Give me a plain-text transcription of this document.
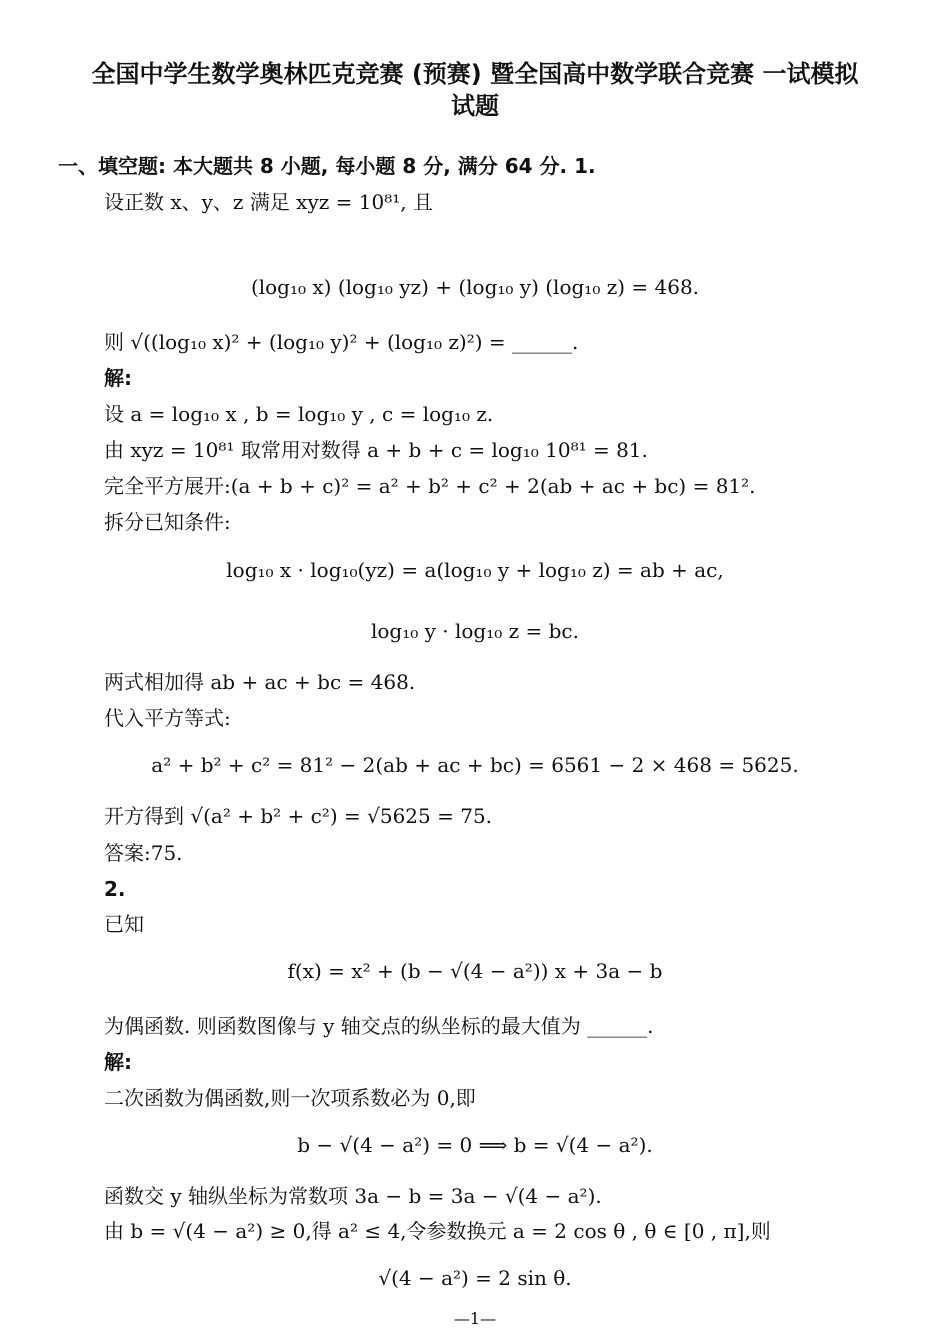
全国中学生数学奥林匹克竞赛 (预赛) 暨全国高中数学联合竞赛 一试模拟
试题
一、填空题: 本大题共 8 小题, 每小题 8 分, 满分 64 分. 1.
设正数 x、y、z 满足 xyz = 10⁸¹, 且
(log₁₀ x) (log₁₀ yz) + (log₁₀ y) (log₁₀ z) = 468.
则 √((log₁₀ x)² + (log₁₀ y)² + (log₁₀ z)²) = ______.
解:
设 a = log₁₀ x , b = log₁₀ y , c = log₁₀ z.
由 xyz = 10⁸¹ 取常用对数得 a + b + c = log₁₀ 10⁸¹ = 81.
完全平方展开:(a + b + c)² = a² + b² + c² + 2(ab + ac + bc) = 81².
拆分已知条件:
log₁₀ x · log₁₀(yz) = a(log₁₀ y + log₁₀ z) = ab + ac,
log₁₀ y · log₁₀ z = bc.
两式相加得 ab + ac + bc = 468.
代入平方等式:
a² + b² + c² = 81² − 2(ab + ac + bc) = 6561 − 2 × 468 = 5625.
开方得到 √(a² + b² + c²) = √5625 = 75.
答案:75.
2.
已知
f(x) = x² + (b − √(4 − a²)) x + 3a − b
为偶函数. 则函数图像与 y 轴交点的纵坐标的最大值为 ______.
解:
二次函数为偶函数,则一次项系数必为 0,即
b − √(4 − a²) = 0 ⟹ b = √(4 − a²).
函数交 y 轴纵坐标为常数项 3a − b = 3a − √(4 − a²).
由 b = √(4 − a²) ≥ 0,得 a² ≤ 4,令参数换元 a = 2 cos θ , θ ∈ [0 , π],则
√(4 − a²) = 2 sin θ.
—1—
